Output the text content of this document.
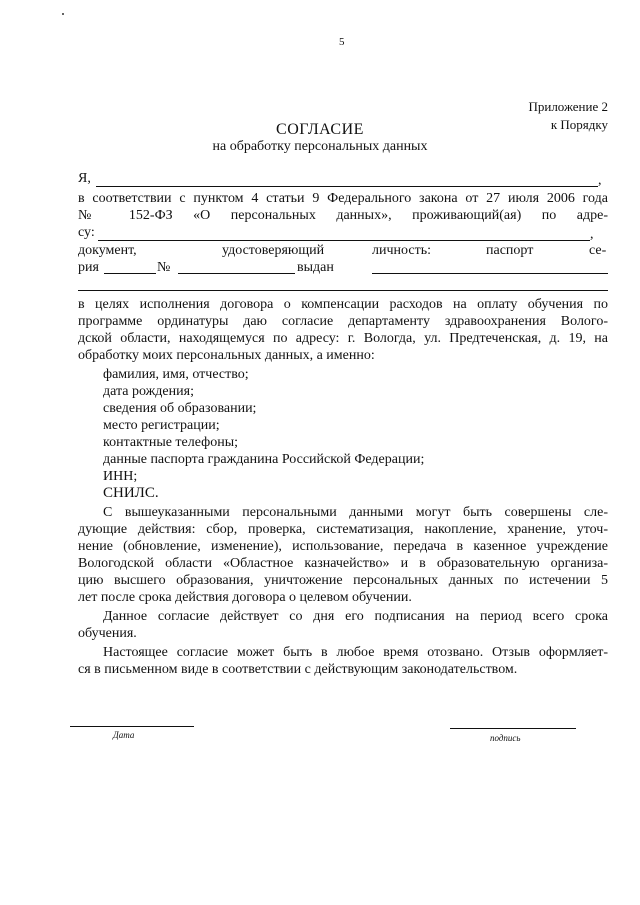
5
Приложение 2
к Порядку
СОГЛАСИЕ
на обработку персональных данных
Я,	,
в соответствии с пунктом 4 статьи 9 Федерального закона от 27 июля 2006 года
№ 152-ФЗ «О персональных данных», проживающий(ая) по адре-
су:	,
документ,	удостоверяющий	личность:	паспорт	се-
рия	№	выдан
в целях исполнения договора о компенсации расходов на оплату обучения по
программе ординатуры даю согласие департаменту здравоохранения Волого-
дской области, находящемуся по адресу: г. Вологда, ул. Предтеченская, д. 19, на
обработку моих персональных данных, а именно:
фамилия, имя, отчество;
дата рождения;
сведения об образовании;
место регистрации;
контактные телефоны;
данные паспорта гражданина Российской Федерации;
ИНН;
СНИЛС.
С вышеуказанными персональными данными могут быть совершены сле-
дующие действия: сбор, проверка, систематизация, накопление, хранение, уточ-
нение (обновление, изменение), использование, передача в казенное учреждение
Вологодской области «Областное казначейство» и в образовательную организа-
цию высшего образования, уничтожение персональных данных по истечении 5
лет после срока действия договора о целевом обучении.
Данное согласие действует со дня его подписания на период всего срока
обучения.
Настоящее согласие может быть в любое время отозвано. Отзыв оформляет-
ся в письменном виде в соответствии с действующим законодательством.
Дата	подпись
